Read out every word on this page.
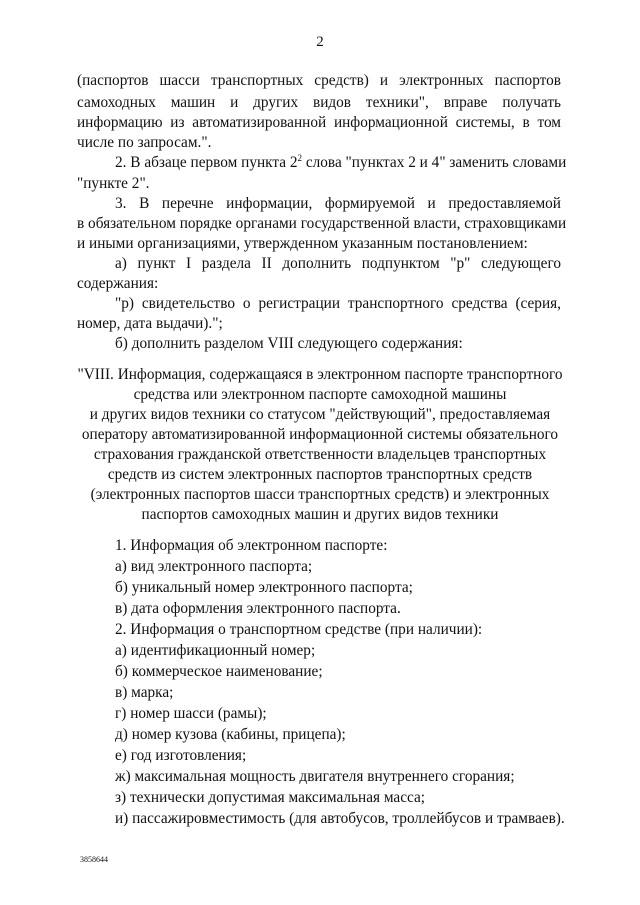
2
(паспортов шасси транспортных средств) и электронных паспортов
самоходных машин и других видов техники", вправе получать
информацию из автоматизированной информационной системы, в том
числе по запросам.".
2. В абзаце первом пункта $2^2$ слова "пунктах 2 и 4" заменить словами
"пункте 2".
3. В перечне информации, формируемой и предоставляемой
в обязательном порядке органами государственной власти, страховщиками
и иными организациями, утвержденном указанным постановлением:
а) пункт I раздела II дополнить подпунктом "р" следующего
содержания:
"р) свидетельство о регистрации транспортного средства (серия,
номер, дата выдачи).";
б) дополнить разделом VIII следующего содержания:
"VIII. Информация, содержащаяся в электронном паспорте транспортного
средства или электронном паспорте самоходной машины
и других видов техники со статусом "действующий", предоставляемая
оператору автоматизированной информационной системы обязательного
страхования гражданской ответственности владельцев транспортных
средств из систем электронных паспортов транспортных средств
(электронных паспортов шасси транспортных средств) и электронных
паспортов самоходных машин и других видов техники
1. Информация об электронном паспорте:
а) вид электронного паспорта;
б) уникальный номер электронного паспорта;
в) дата оформления электронного паспорта.
2. Информация о транспортном средстве (при наличии):
а) идентификационный номер;
б) коммерческое наименование;
в) марка;
г) номер шасси (рамы);
д) номер кузова (кабины, прицепа);
е) год изготовления;
ж) максимальная мощность двигателя внутреннего сгорания;
з) технически допустимая максимальная масса;
и) пассажировместимость (для автобусов, троллейбусов и трамваев).
3858644
